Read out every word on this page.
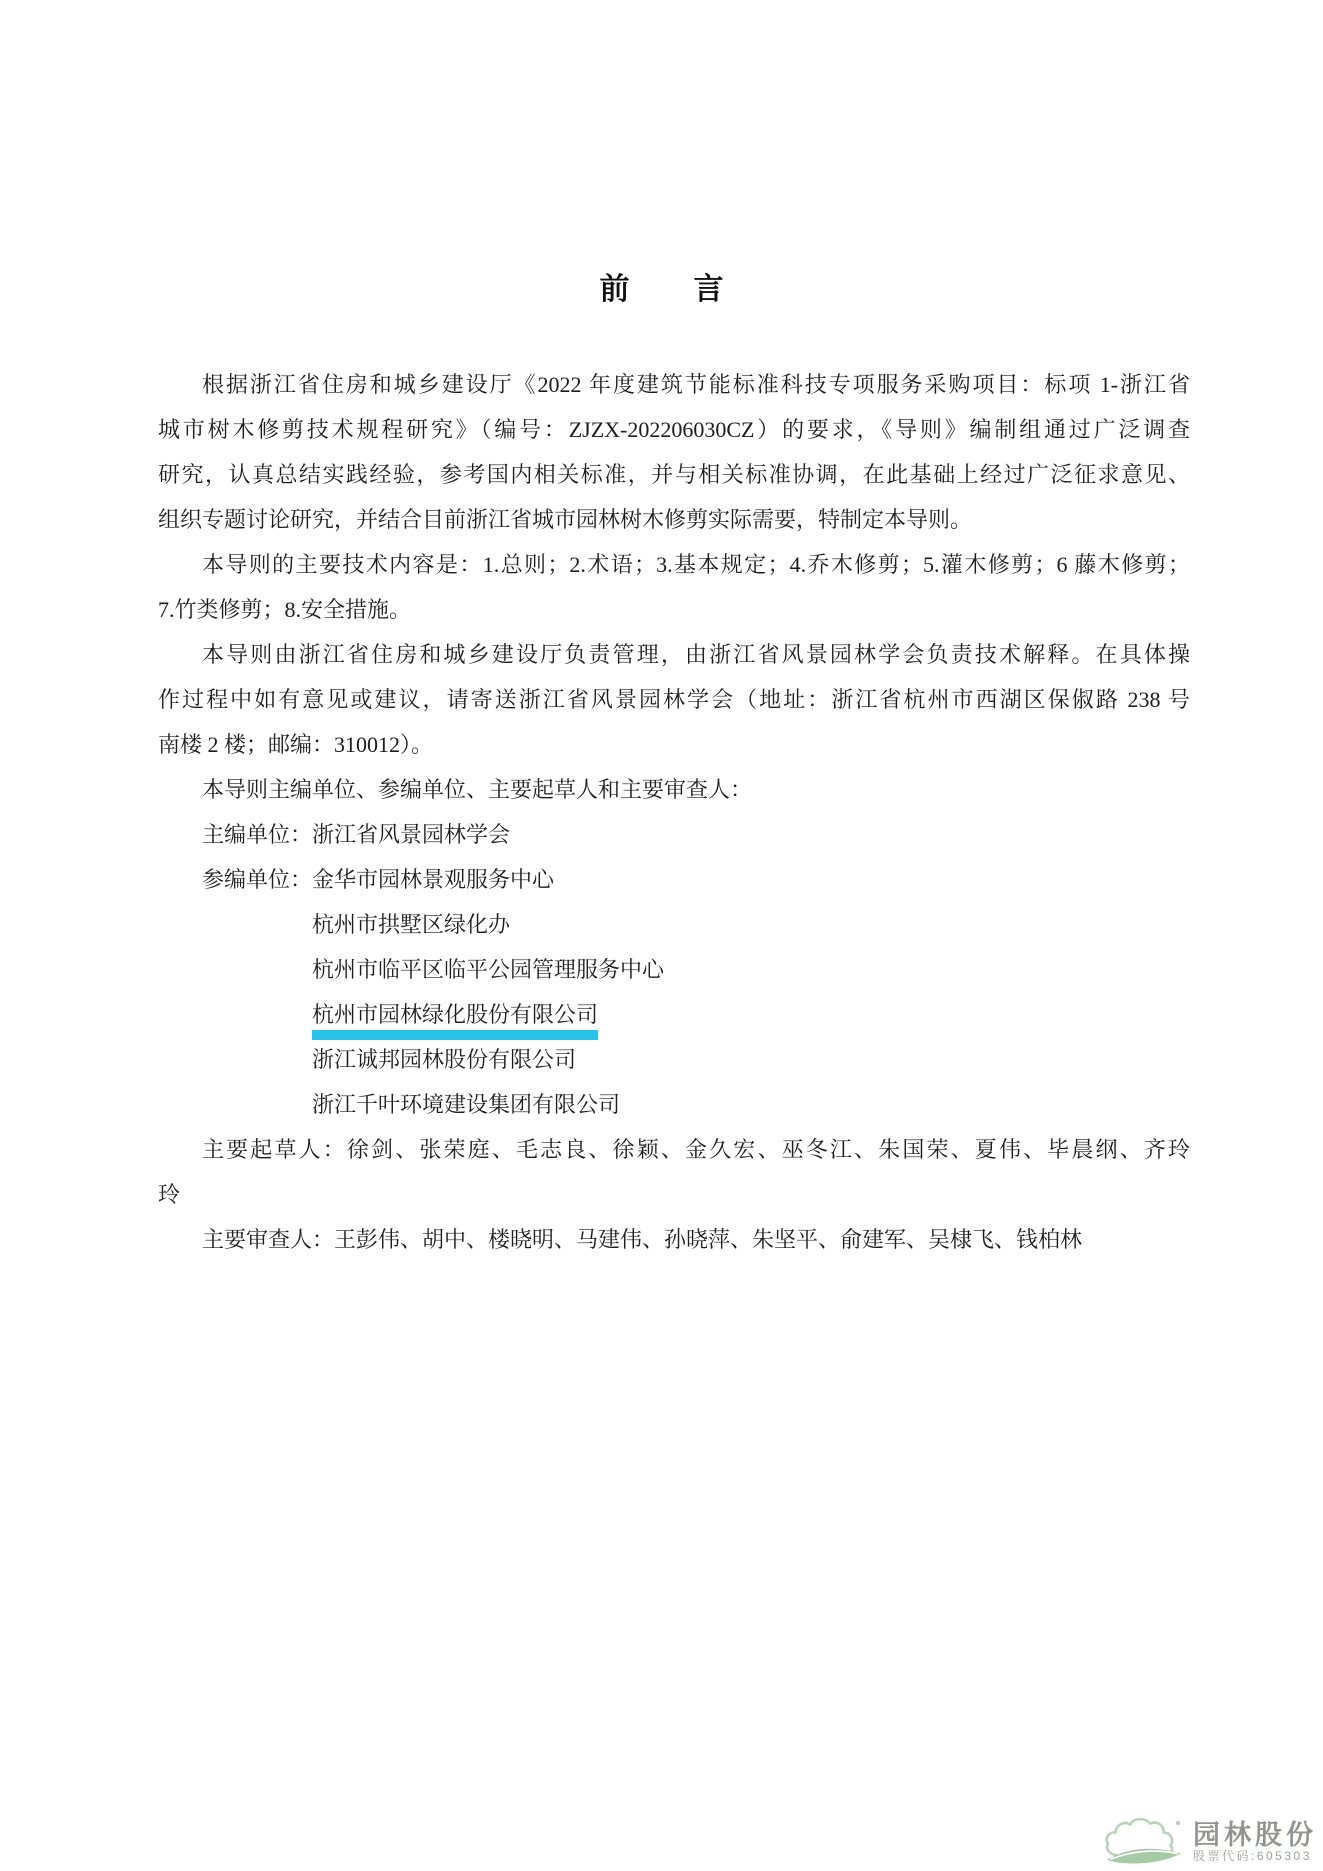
前 言
根据浙江省住房和城乡建设厅《2022 年度建筑节能标准科技专项服务采购项目：标项 1-浙江省
城市树木修剪技术规程研究》（编号：ZJZX-202206030CZ）的要求，《导则》编制组通过广泛调查
研究，认真总结实践经验，参考国内相关标准，并与相关标准协调，在此基础上经过广泛征求意见、
组织专题讨论研究，并结合目前浙江省城市园林树木修剪实际需要，特制定本导则。
本导则的主要技术内容是：1.总则；2.术语；3.基本规定；4.乔木修剪；5.灌木修剪；6 藤木修剪；
7.竹类修剪；8.安全措施。
本导则由浙江省住房和城乡建设厅负责管理，由浙江省风景园林学会负责技术解释。在具体操
作过程中如有意见或建议，请寄送浙江省风景园林学会（地址：浙江省杭州市西湖区保俶路 238 号
南楼 2 楼；邮编：310012）。
本导则主编单位、参编单位、主要起草人和主要审查人：
主编单位：浙江省风景园林学会
参编单位：金华市园林景观服务中心
杭州市拱墅区绿化办
杭州市临平区临平公园管理服务中心
杭州市园林绿化股份有限公司
浙江诚邦园林股份有限公司
浙江千叶环境建设集团有限公司
主要起草人：徐剑、张荣庭、毛志良、徐颖、金久宏、巫冬江、朱国荣、夏伟、毕晨纲、齐玲
玲
主要审查人：王彭伟、胡中、楼晓明、马建伟、孙晓萍、朱坚平、俞建军、吴棣飞、钱柏林
园林股份
股票代码:605303
